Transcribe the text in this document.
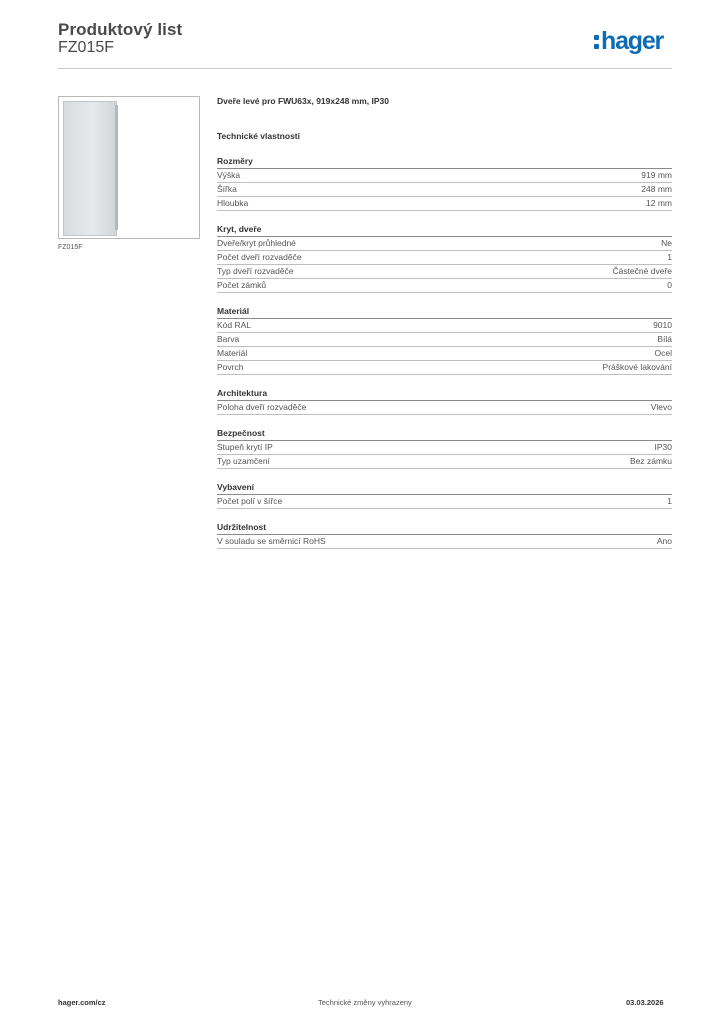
Produktový list
FZ015F	hager
FZ015F
Dveře levé pro FWU63x, 919x248 mm, IP30
Technické vlastnosti
Rozměry
Výška	919 mm
Šířka	248 mm
Hloubka	12 mm
Kryt, dveře
Dveře/kryt průhledné	Ne
Počet dveří rozvaděče	1
Typ dveří rozvaděče	Částečné dveře
Počet zámků	0
Materiál
Kód RAL	9010
Barva	Bílá
Materiál	Ocel
Povrch	Práškové lakování
Architektura
Poloha dveří rozvaděče	Vlevo
Bezpečnost
Stupeň krytí IP	IP30
Typ uzamčení	Bez zámku
Vybavení
Počet polí v šířce	1
Udržitelnost
V souladu se směrnicí RoHS	Ano
hager.com/cz	Technické změny vyhrazeny	03.03.2026
